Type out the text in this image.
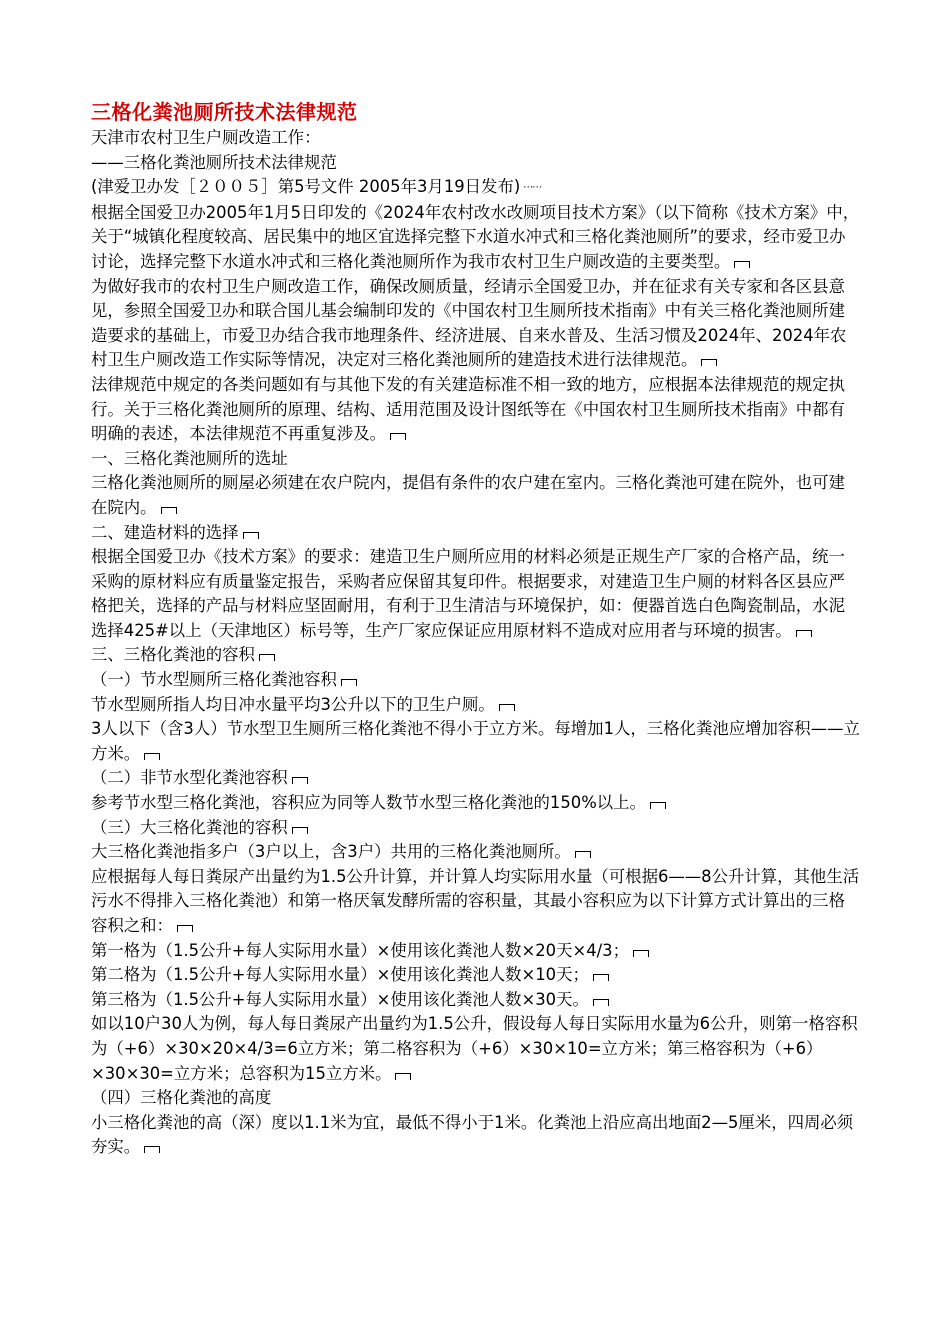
三格化粪池厕所技术法律规范

天津市农村卫生户厕改造工作：

——三格化粪池厕所技术法律规范

(津爱卫办发［２００５］第5号文件 2005年3月19日发布) ⋯⋯

根据全国爱卫办2005年1月5日印发的《2024年农村改水改厕项目技术方案》（以下简称《技术方案》中，关于“城镇化程度较高、居民集中的地区宜选择完整下水道水冲式和三格化粪池厕所”的要求，经市爱卫办讨论，选择完整下水道水冲式和三格化粪池厕所作为我市农村卫生户厕改造的主要类型。

为做好我市的农村卫生户厕改造工作，确保改厕质量，经请示全国爱卫办，并在征求有关专家和各区县意见，参照全国爱卫办和联合国儿基会编制印发的《中国农村卫生厕所技术指南》中有关三格化粪池厕所建造要求的基础上，市爱卫办结合我市地理条件、经济进展、自来水普及、生活习惯及2024年、2024年农村卫生户厕改造工作实际等情况，决定对三格化粪池厕所的建造技术进行法律规范。

法律规范中规定的各类问题如有与其他下发的有关建造标准不相一致的地方，应根据本法律规范的规定执行。关于三格化粪池厕所的原理、结构、适用范围及设计图纸等在《中国农村卫生厕所技术指南》中都有明确的表述，本法律规范不再重复涉及。

一、三格化粪池厕所的选址

三格化粪池厕所的厕屋必须建在农户院内，提倡有条件的农户建在室内。三格化粪池可建在院外，也可建在院内。

二、建造材料的选择

根据全国爱卫办《技术方案》的要求：建造卫生户厕所应用的材料必须是正规生产厂家的合格产品，统一采购的原材料应有质量鉴定报告，采购者应保留其复印件。根据要求，对建造卫生户厕的材料各区县应严格把关，选择的产品与材料应坚固耐用，有利于卫生清洁与环境保护，如：便器首选白色陶瓷制品，水泥选择425#以上（天津地区）标号等，生产厂家应保证应用原材料不造成对应用者与环境的损害。

三、三格化粪池的容积

（一）节水型厕所三格化粪池容积

节水型厕所指人均日冲水量平均3公升以下的卫生户厕。

3人以下（含3人）节水型卫生厕所三格化粪池不得小于立方米。每增加1人，三格化粪池应增加容积——立方米。

（二）非节水型化粪池容积

参考节水型三格化粪池，容积应为同等人数节水型三格化粪池的150%以上。

（三）大三格化粪池的容积

大三格化粪池指多户（3户以上，含3户）共用的三格化粪池厕所。

应根据每人每日粪尿产出量约为1.5公升计算，并计算人均实际用水量（可根据6——8公升计算，其他生活污水不得排入三格化粪池）和第一格厌氧发酵所需的容积量，其最小容积应为以下计算方式计算出的三格容积之和：

第一格为（1.5公升+每人实际用水量）×使用该化粪池人数×20天×4/3；

第二格为（1.5公升+每人实际用水量）×使用该化粪池人数×10天；

第三格为（1.5公升+每人实际用水量）×使用该化粪池人数×30天。

如以10户30人为例，每人每日粪尿产出量约为1.5公升，假设每人每日实际用水量为6公升，则第一格容积为（+6）×30×20×4/3=6立方米；第二格容积为（+6）×30×10=立方米；第三格容积为（+6）×30×30=立方米；总容积为15立方米。

（四）三格化粪池的高度

小三格化粪池的高（深）度以1.1米为宜，最低不得小于1米。化粪池上沿应高出地面2—5厘米，四周必须夯实。
